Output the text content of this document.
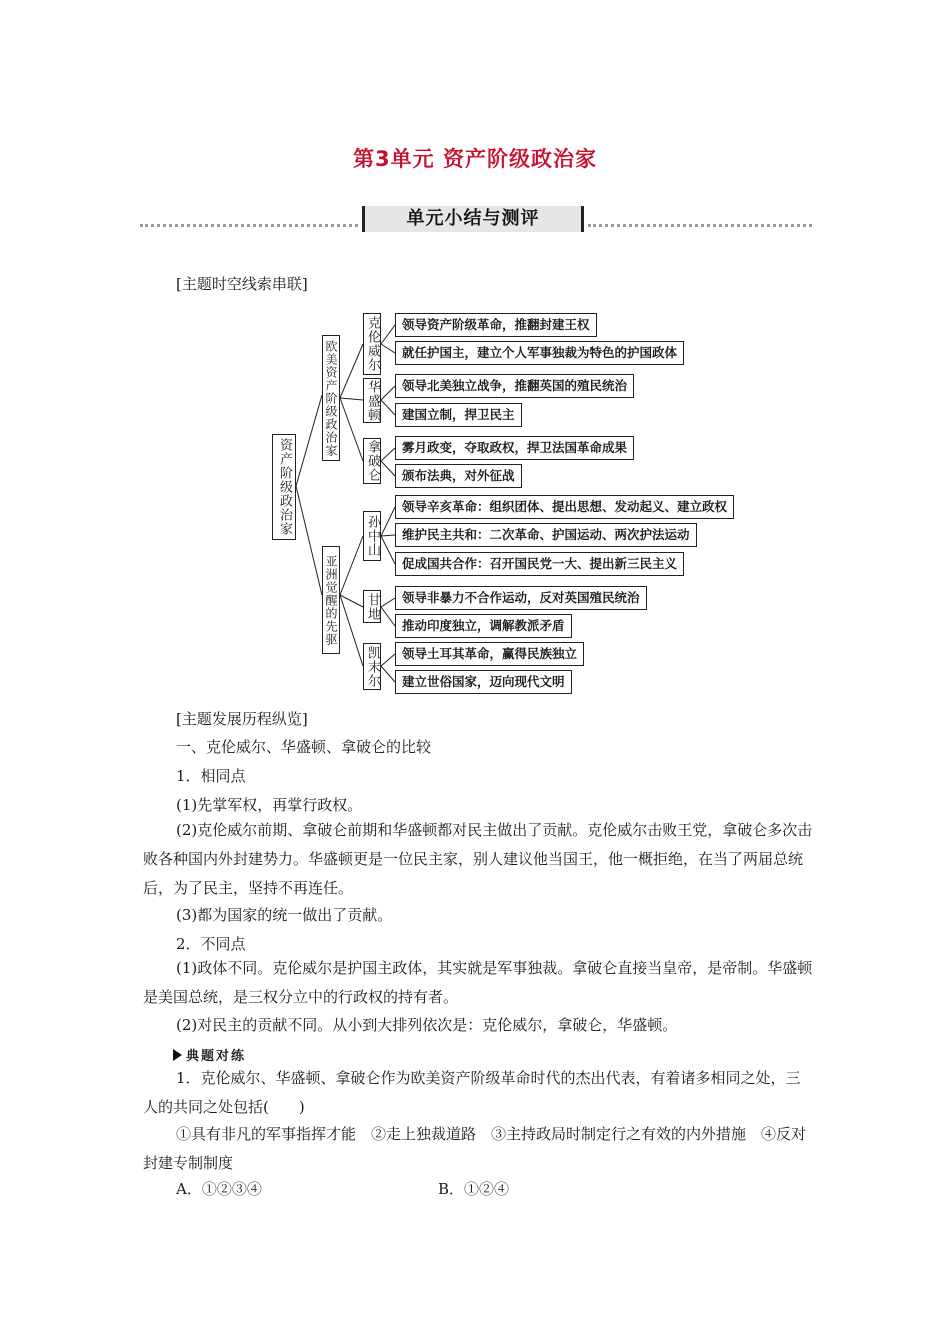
第3单元 资产阶级政治家
单元小结与测评
[主题时空线索串联]
资产阶级政治家
欧美资产阶级政治家
亚洲觉醒的先驱
克伦威尔
华盛顿
拿破仑
孙中山
甘地
凯末尔
领导资产阶级革命，推翻封建王权
就任护国主，建立个人军事独裁为特色的护国政体
领导北美独立战争，推翻英国的殖民统治
建国立制，捍卫民主
雾月政变，夺取政权，捍卫法国革命成果
颁布法典，对外征战
领导辛亥革命：组织团体、提出思想、发动起义、建立政权
维护民主共和：二次革命、护国运动、两次护法运动
促成国共合作：召开国民党一大、提出新三民主义
领导非暴力不合作运动，反对英国殖民统治
推动印度独立，调解教派矛盾
领导土耳其革命，赢得民族独立
建立世俗国家，迈向现代文明
[主题发展历程纵览]
一、克伦威尔、华盛顿、拿破仑的比较
1．相同点
(1)先掌军权，再掌行政权。

(2)克伦威尔前期、拿破仑前期和华盛顿都对民主做出了贡献。克伦威尔击败王党，拿破仑多次击败各种国内外封建势力。华盛顿更是一位民主家，别人建议他当国王，他一概拒绝，在当了两届总统后，为了民主，坚持不再连任。

(3)都为国家的统一做出了贡献。
2．不同点

(1)政体不同。克伦威尔是护国主政体，其实就是军事独裁。拿破仑直接当皇帝，是帝制。华盛顿是美国总统，是三权分立中的行政权的持有者。

(2)对民主的贡献不同。从小到大排列依次是：克伦威尔，拿破仑，华盛顿。
典题对练

1．克伦威尔、华盛顿、拿破仑作为欧美资产阶级革命时代的杰出代表，有着诸多相同之处，三人的共同之处包括(　　)

①具有非凡的军事指挥才能　②走上独裁道路　③主持政局时制定行之有效的内外措施　④反对封建专制制度

A．①②③④	B．①②④
